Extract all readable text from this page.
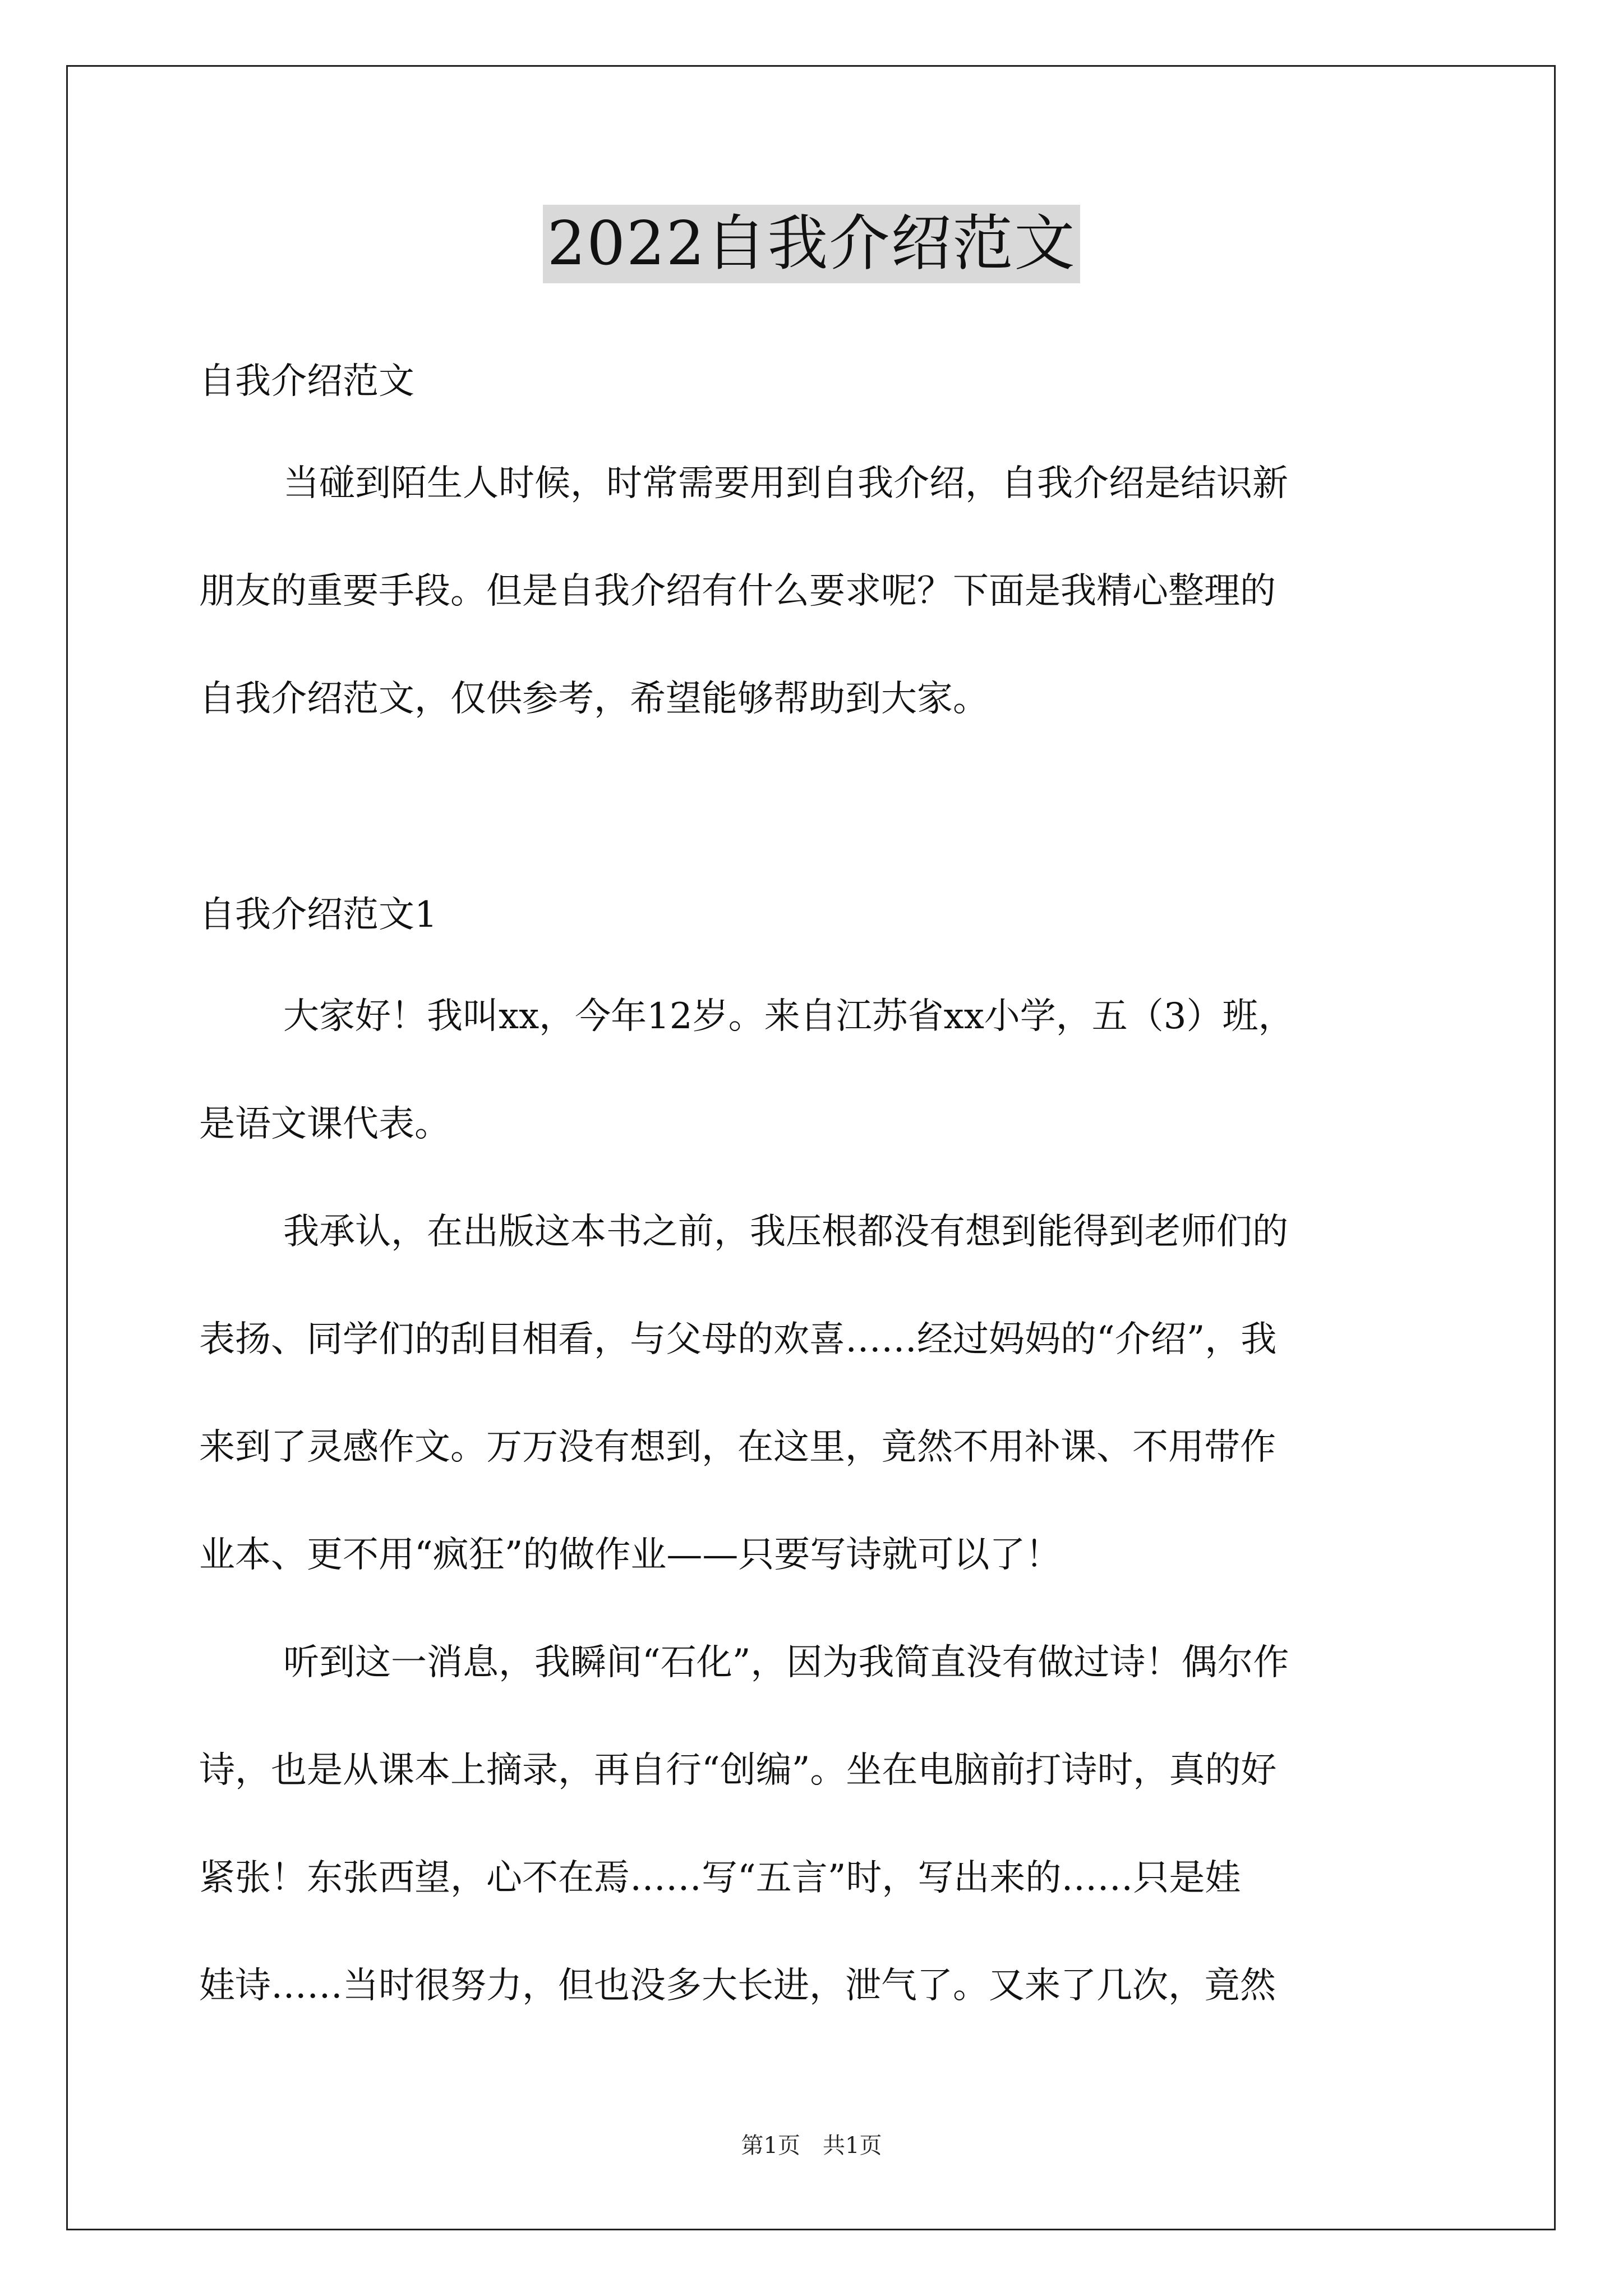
2022自我介绍范文
自我介绍范文
当碰到陌生人时候，时常需要用到自我介绍，自我介绍是结识新
朋友的重要手段。但是自我介绍有什么要求呢？下面是我精心整理的
自我介绍范文，仅供参考，希望能够帮助到大家。
自我介绍范文1
大家好！我叫xx，今年12岁。来自江苏省xx小学，五（3）班，
是语文课代表。
我承认，在出版这本书之前，我压根都没有想到能得到老师们的
表扬、同学们的刮目相看，与父母的欢喜……经过妈妈的“介绍”，我
来到了灵感作文。万万没有想到，在这里，竟然不用补课、不用带作
业本、更不用“疯狂”的做作业——只要写诗就可以了！
听到这一消息，我瞬间“石化”，因为我简直没有做过诗！偶尔作
诗，也是从课本上摘录，再自行“创编”。坐在电脑前打诗时，真的好
紧张！东张西望，心不在焉……写“五言”时，写出来的……只是娃
娃诗……当时很努力，但也没多大长进，泄气了。又来了几次，竟然
第1页 共1页
